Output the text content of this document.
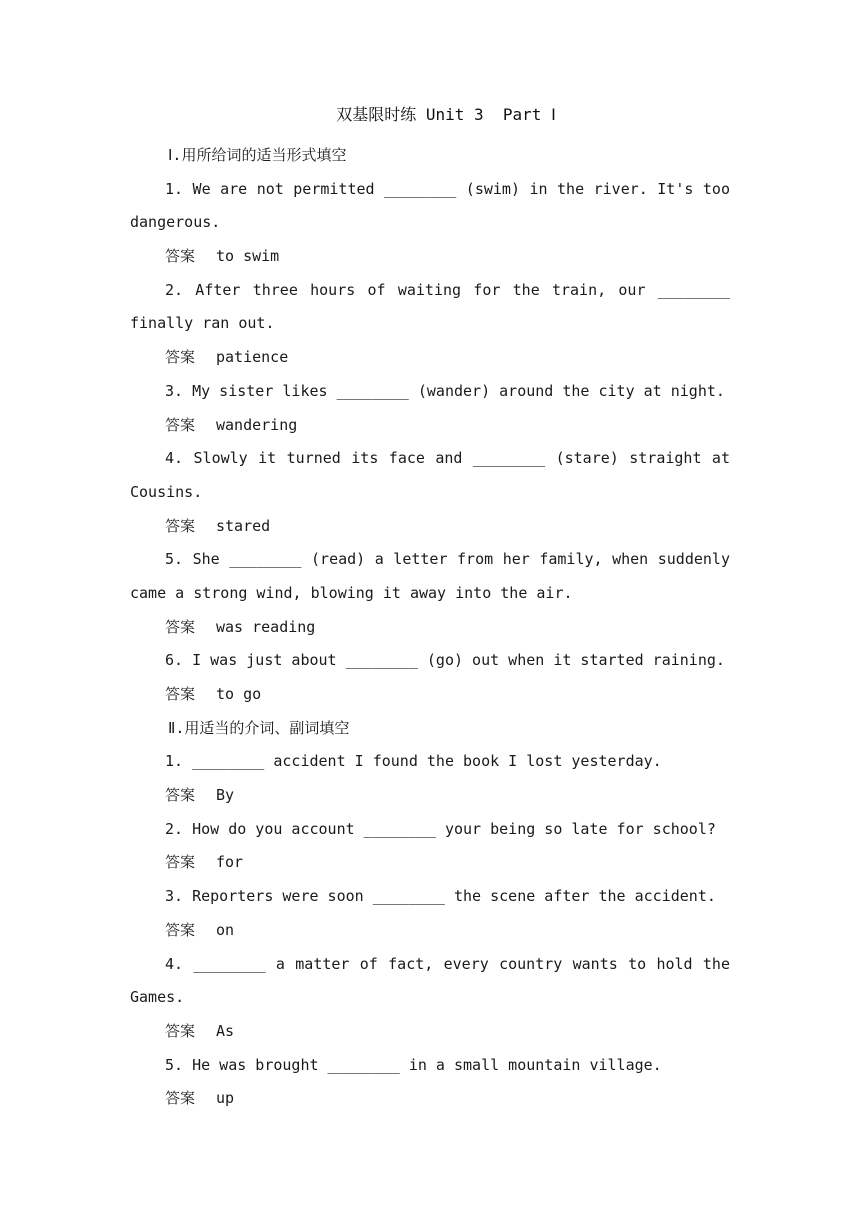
双基限时练 Unit 3  Part Ⅰ
Ⅰ.用所给词的适当形式填空
1. We are not permitted ________ (swim) in the river. It's too
dangerous.
答案 to swim
2. After three hours of waiting for the train, our ________
finally ran out.
答案 patience
3. My sister likes ________ (wander) around the city at night.
答案 wandering
4. Slowly it turned its face and ________ (stare) straight at
Cousins.
答案 stared
5. She ________ (read) a letter from her family, when suddenly
came a strong wind, blowing it away into the air.
答案 was reading
6. I was just about ________ (go) out when it started raining.
答案 to go
Ⅱ.用适当的介词、副词填空
1. ________ accident I found the book I lost yesterday.
答案 By
2. How do you account ________ your being so late for school?
答案 for
3. Reporters were soon ________ the scene after the accident.
答案 on
4. ________ a matter of fact, every country wants to hold the
Games.
答案 As
5. He was brought ________ in a small mountain village.
答案 up
